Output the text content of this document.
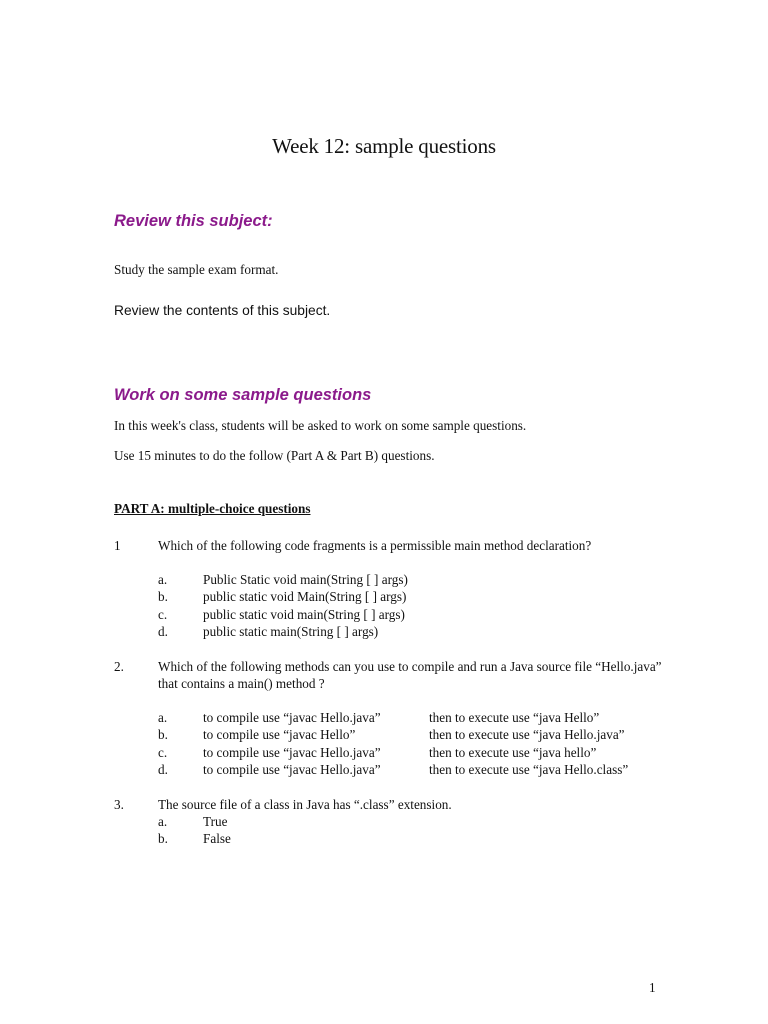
Week 12: sample questions
Review this subject:
Study the sample exam format.
Review the contents of this subject.
Work on some sample questions
In this week's class, students will be asked to work on some sample questions.
Use 15 minutes to do the follow (Part A & Part B) questions.
PART A: multiple-choice questions
1	Which of the following code fragments is a permissible main method declaration?
a.	Public Static void main(String [ ] args)
b.	public static void Main(String [ ] args)
c.	public static void main(String [ ] args)
d.	public static main(String [ ] args)
2.	Which of the following methods can you use to compile and run a Java source file “Hello.java” that contains a main() method ?
a.	to compile use “javac Hello.java”	then to execute use “java Hello”
b.	to compile use “javac Hello”	then to execute use “java Hello.java”
c.	to compile use “javac Hello.java”	then to execute use “java hello”
d.	to compile use “javac Hello.java”	then to execute use “java Hello.class”
3.	The source file of a class in Java has “.class” extension.
a.	True
b.	False
1
